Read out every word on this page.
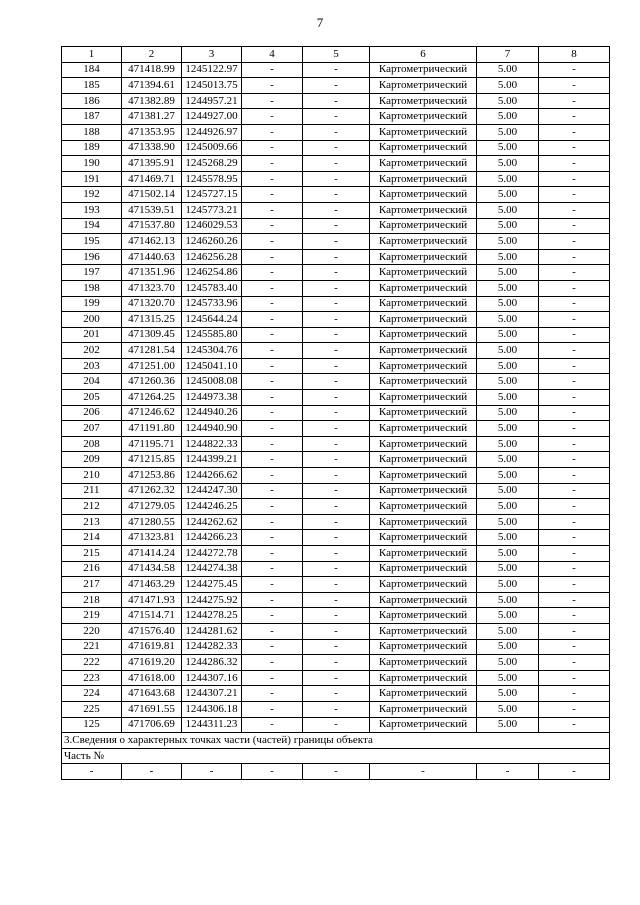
7
1	2	3	4	5	6	7	8
184	471418.99	1245122.97	-	-	Картометрический	5.00	-
185	471394.61	1245013.75	-	-	Картометрический	5.00	-
186	471382.89	1244957.21	-	-	Картометрический	5.00	-
187	471381.27	1244927.00	-	-	Картометрический	5.00	-
188	471353.95	1244926.97	-	-	Картометрический	5.00	-
189	471338.90	1245009.66	-	-	Картометрический	5.00	-
190	471395.91	1245268.29	-	-	Картометрический	5.00	-
191	471469.71	1245578.95	-	-	Картометрический	5.00	-
192	471502.14	1245727.15	-	-	Картометрический	5.00	-
193	471539.51	1245773.21	-	-	Картометрический	5.00	-
194	471537.80	1246029.53	-	-	Картометрический	5.00	-
195	471462.13	1246260.26	-	-	Картометрический	5.00	-
196	471440.63	1246256.28	-	-	Картометрический	5.00	-
197	471351.96	1246254.86	-	-	Картометрический	5.00	-
198	471323.70	1245783.40	-	-	Картометрический	5.00	-
199	471320.70	1245733.96	-	-	Картометрический	5.00	-
200	471315.25	1245644.24	-	-	Картометрический	5.00	-
201	471309.45	1245585.80	-	-	Картометрический	5.00	-
202	471281.54	1245304.76	-	-	Картометрический	5.00	-
203	471251.00	1245041.10	-	-	Картометрический	5.00	-
204	471260.36	1245008.08	-	-	Картометрический	5.00	-
205	471264.25	1244973.38	-	-	Картометрический	5.00	-
206	471246.62	1244940.26	-	-	Картометрический	5.00	-
207	471191.80	1244940.90	-	-	Картометрический	5.00	-
208	471195.71	1244822.33	-	-	Картометрический	5.00	-
209	471215.85	1244399.21	-	-	Картометрический	5.00	-
210	471253.86	1244266.62	-	-	Картометрический	5.00	-
211	471262.32	1244247.30	-	-	Картометрический	5.00	-
212	471279.05	1244246.25	-	-	Картометрический	5.00	-
213	471280.55	1244262.62	-	-	Картометрический	5.00	-
214	471323.81	1244266.23	-	-	Картометрический	5.00	-
215	471414.24	1244272.78	-	-	Картометрический	5.00	-
216	471434.58	1244274.38	-	-	Картометрический	5.00	-
217	471463.29	1244275.45	-	-	Картометрический	5.00	-
218	471471.93	1244275.92	-	-	Картометрический	5.00	-
219	471514.71	1244278.25	-	-	Картометрический	5.00	-
220	471576.40	1244281.62	-	-	Картометрический	5.00	-
221	471619.81	1244282.33	-	-	Картометрический	5.00	-
222	471619.20	1244286.32	-	-	Картометрический	5.00	-
223	471618.00	1244307.16	-	-	Картометрический	5.00	-
224	471643.68	1244307.21	-	-	Картометрический	5.00	-
225	471691.55	1244306.18	-	-	Картометрический	5.00	-
125	471706.69	1244311.23	-	-	Картометрический	5.00	-
3.Сведения о характерных точках части (частей) границы объекта							
Часть №							
-	-	-	-	-	-	-	-
